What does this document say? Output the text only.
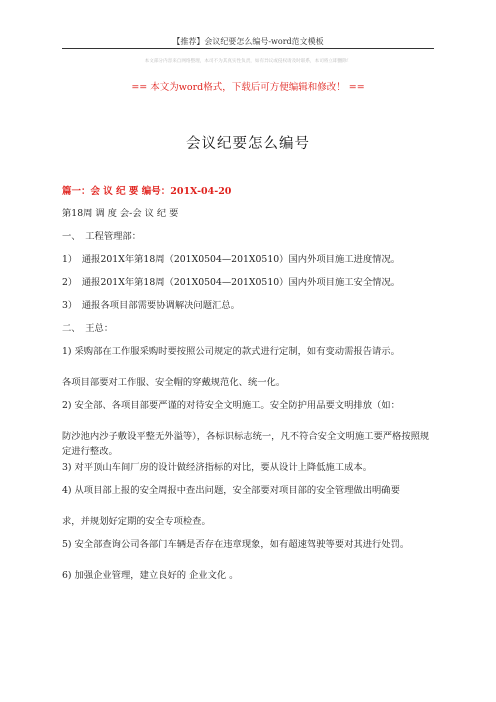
【推荐】会议纪要怎么编号-word范文模板
本文部分内容来自网络整理，本司不为其真实性负责，如有异议或侵权请及时联系，本司将立即删除！
== 本文为word格式，下载后可方便编辑和修改！ ==
会议纪要怎么编号
篇一：会 议 纪 要 编号：201X-04-20
第18周 调 度 会-会 议 纪 要
一、　工程管理部：
1）　通报201X年第18周（201X0504—201X0510）国内外项目施工进度情况。
2）　通报201X年第18周（201X0504—201X0510）国内外项目施工安全情况。
3）　通报各项目部需要协调解决问题汇总。
二、　王总：
1) 采购部在工作服采购时要按照公司规定的款式进行定制，如有变动需报告请示。
各项目部要对工作服、安全帽的穿戴规范化、统一化。
2) 安全部、各项目部要严谨的对待安全文明施工。安全防护用品要文明排放（如：
防沙池内沙子敷设平整无外溢等），各标识标志统一，凡不符合安全文明施工要严格按照规定进行整改。
3) 对平顶山车间厂房的设计做经济指标的对比，要从设计上降低施工成本。
4) 从项目部上报的安全周报中查出问题，安全部要对项目部的安全管理做出明确要
求，并规划好定期的安全专项检查。
5) 安全部查询公司各部门车辆是否存在违章现象，如有超速驾驶等要对其进行处罚。
6) 加强企业管理，建立良好的 企业文化 。
